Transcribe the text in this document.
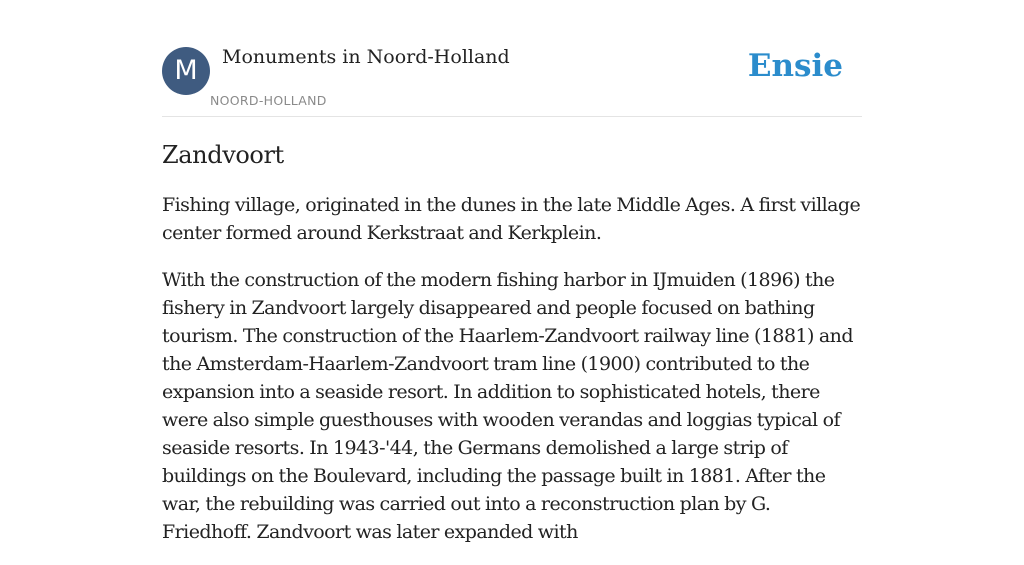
M	Monuments in Noord-Holland
NOORD-HOLLAND
Ensie
Zandvoort

Fishing village, originated in the dunes in the late Middle Ages. A first village center formed around Kerkstraat and Kerkplein.

With the construction of the modern fishing harbor in IJmuiden (1896) the fishery in Zandvoort largely disappeared and people focused on bathing tourism. The construction of the Haarlem-Zandvoort railway line (1881) and the Amsterdam-Haarlem-Zandvoort tram line (1900) contributed to the expansion into a seaside resort. In addition to sophisticated hotels, there were also simple guesthouses with wooden verandas and loggias typical of seaside resorts. In 1943-'44, the Germans demolished a large strip of buildings on the Boulevard, including the passage built in 1881. After the war, the rebuilding was carried out into a reconstruction plan by G. Friedhoff. Zandvoort was later expanded with
